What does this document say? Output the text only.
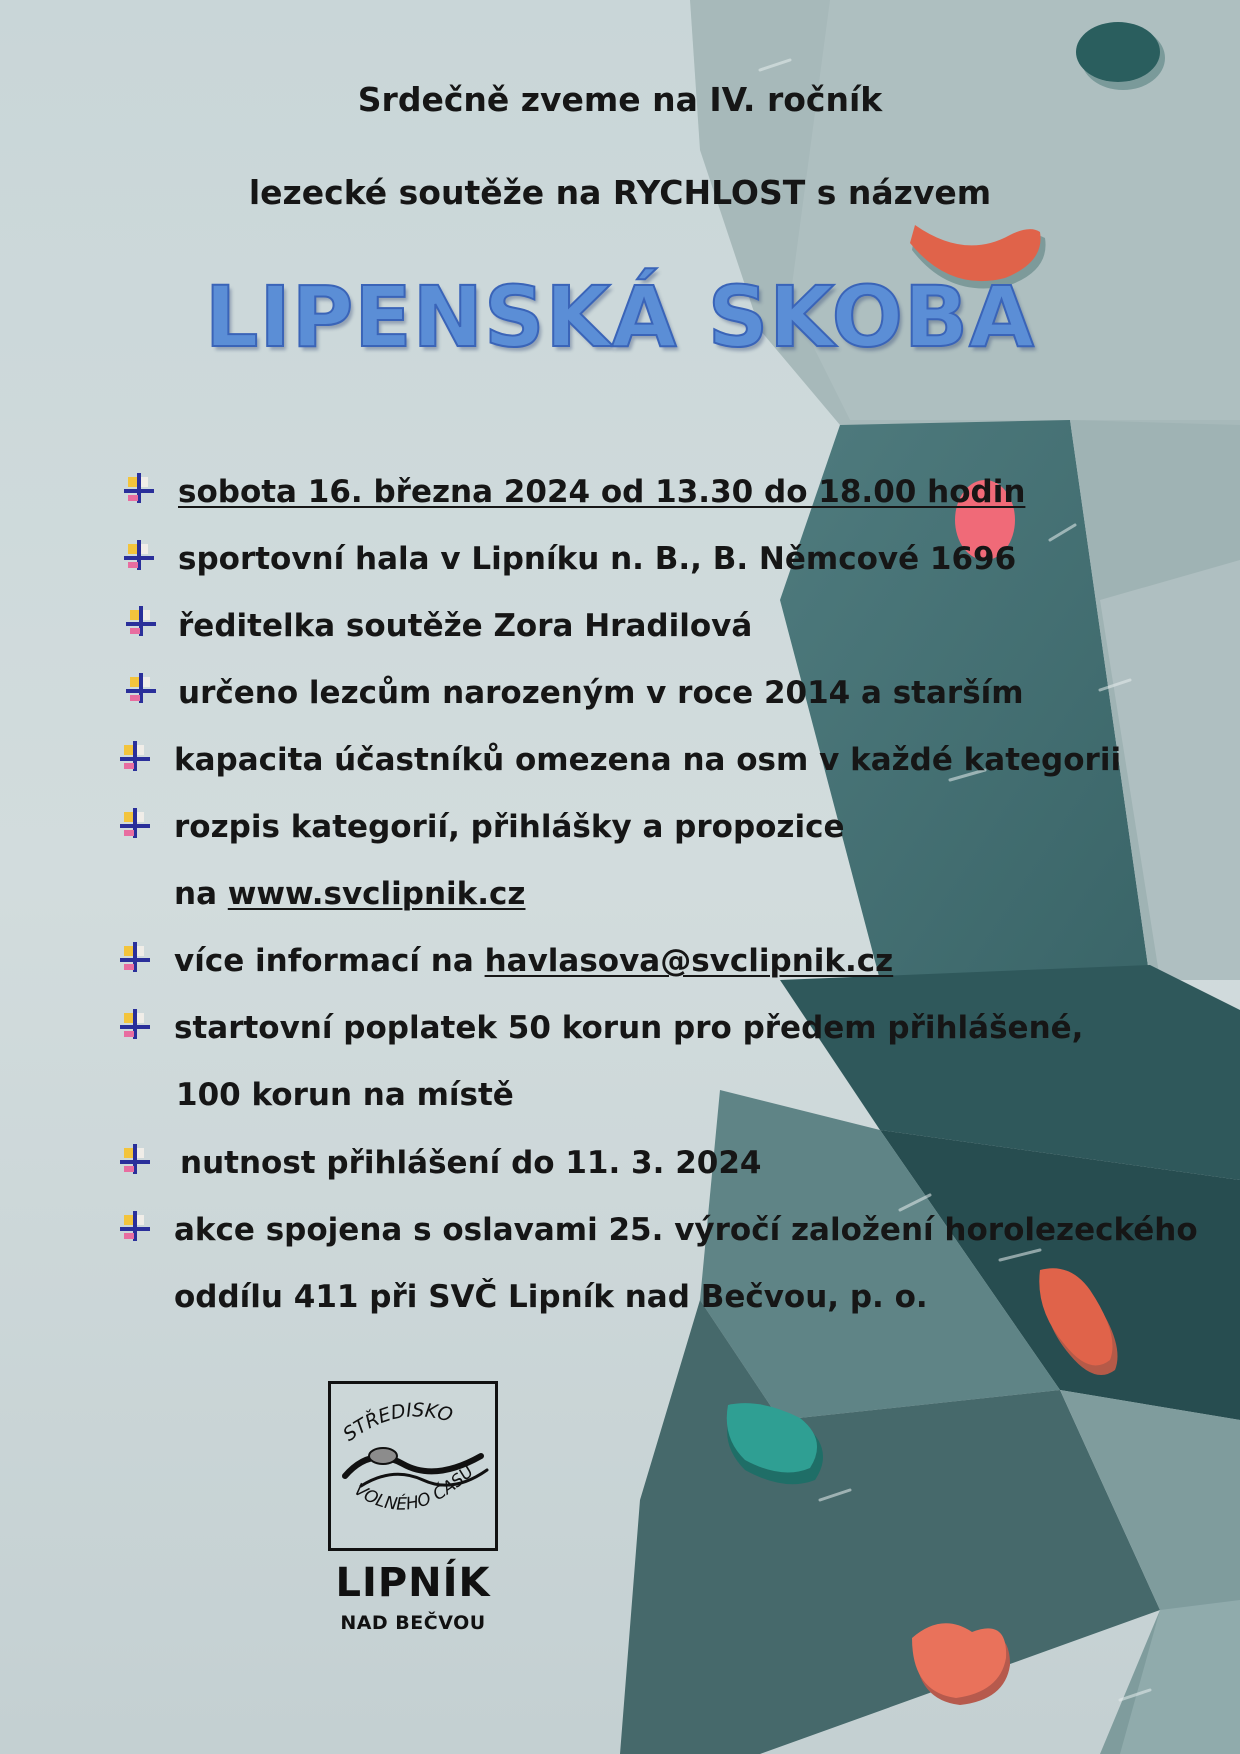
Srdečně zveme na IV. ročník

lezecké soutěže na RYCHLOST s názvem

LIPENSKÁ SKOBA

sobota 16. března 2024 od 13.30 do 18.00 hodin

sportovní hala v Lipníku n. B., B. Němcové 1696

ředitelka soutěže Zora Hradilová

určeno lezcům narozeným v roce 2014 a starším

kapacita účastníků omezena na osm v každé kategorii

rozpis kategorií, přihlášky a propozice

na www.svclipnik.cz

více informací na havlasova@svclipnik.cz

startovní poplatek 50 korun pro předem přihlášené,

100 korun na místě

nutnost přihlášení do 11. 3. 2024

akce spojena s oslavami 25. výročí založení horolezeckého

oddílu 411 při SVČ Lipník nad Bečvou, p. o.

STŘEDISKO
VOLNÉHO ČASU
LIPNÍK
NAD BEČVOU
